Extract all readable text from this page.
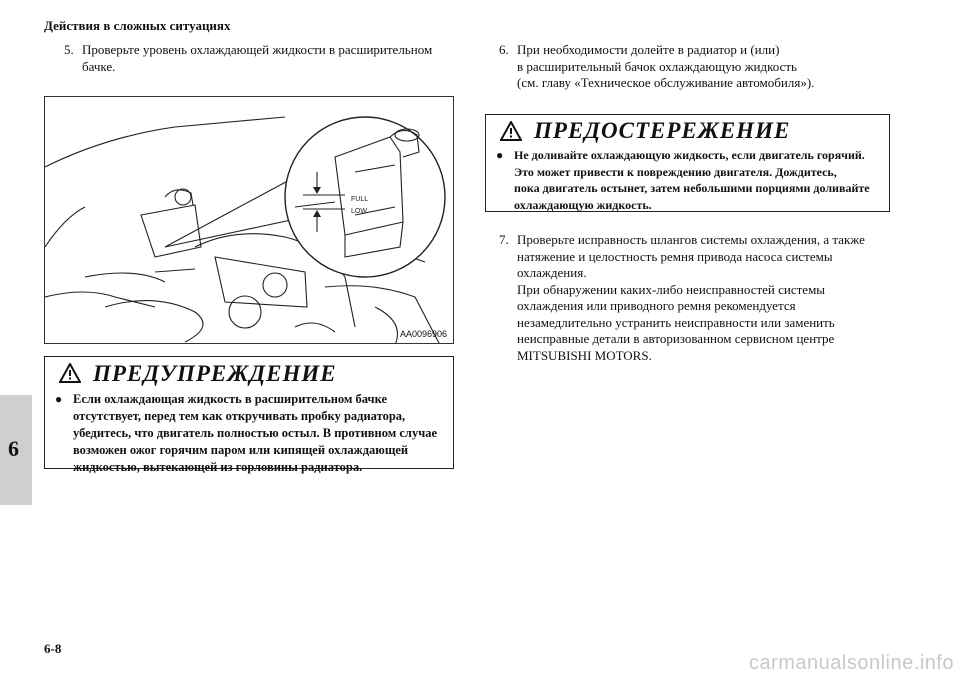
Действия в сложных ситуациях
6
5. Проверьте уровень охлаждающей жидкости в расширительном
бачке.
FULL
LOW
AA0096906
ПРЕДУПРЕЖДЕНИЕ
● Если охлаждающая жидкость в расширительном бачке
отсутствует, перед тем как откручивать пробку радиатора,
убедитесь, что двигатель полностью остыл. В противном случае
возможен ожог горячим паром или кипящей охлаждающей
жидкостью, вытекающей из горловины радиатора.
6. При необходимости долейте в радиатор и (или)
в расширительный бачок охлаждающую жидкость
(см. главу «Техническое обслуживание автомобиля»).
ПРЕДОСТЕРЕЖЕНИЕ
● Не доливайте охлаждающую жидкость, если двигатель горячий.
Это может привести к повреждению двигателя. Дождитесь,
пока двигатель остынет, затем небольшими порциями доливайте
охлаждающую жидкость.
7. Проверьте исправность шлангов системы охлаждения, а также
натяжение и целостность ремня привода насоса системы
охлаждения.
При обнаружении каких-либо неисправностей системы
охлаждения или приводного ремня рекомендуется
незамедлительно устранить неисправности или заменить
неисправные детали в авторизованном сервисном центре
MITSUBISHI MOTORS.
6-8
carmanualsonline.info
